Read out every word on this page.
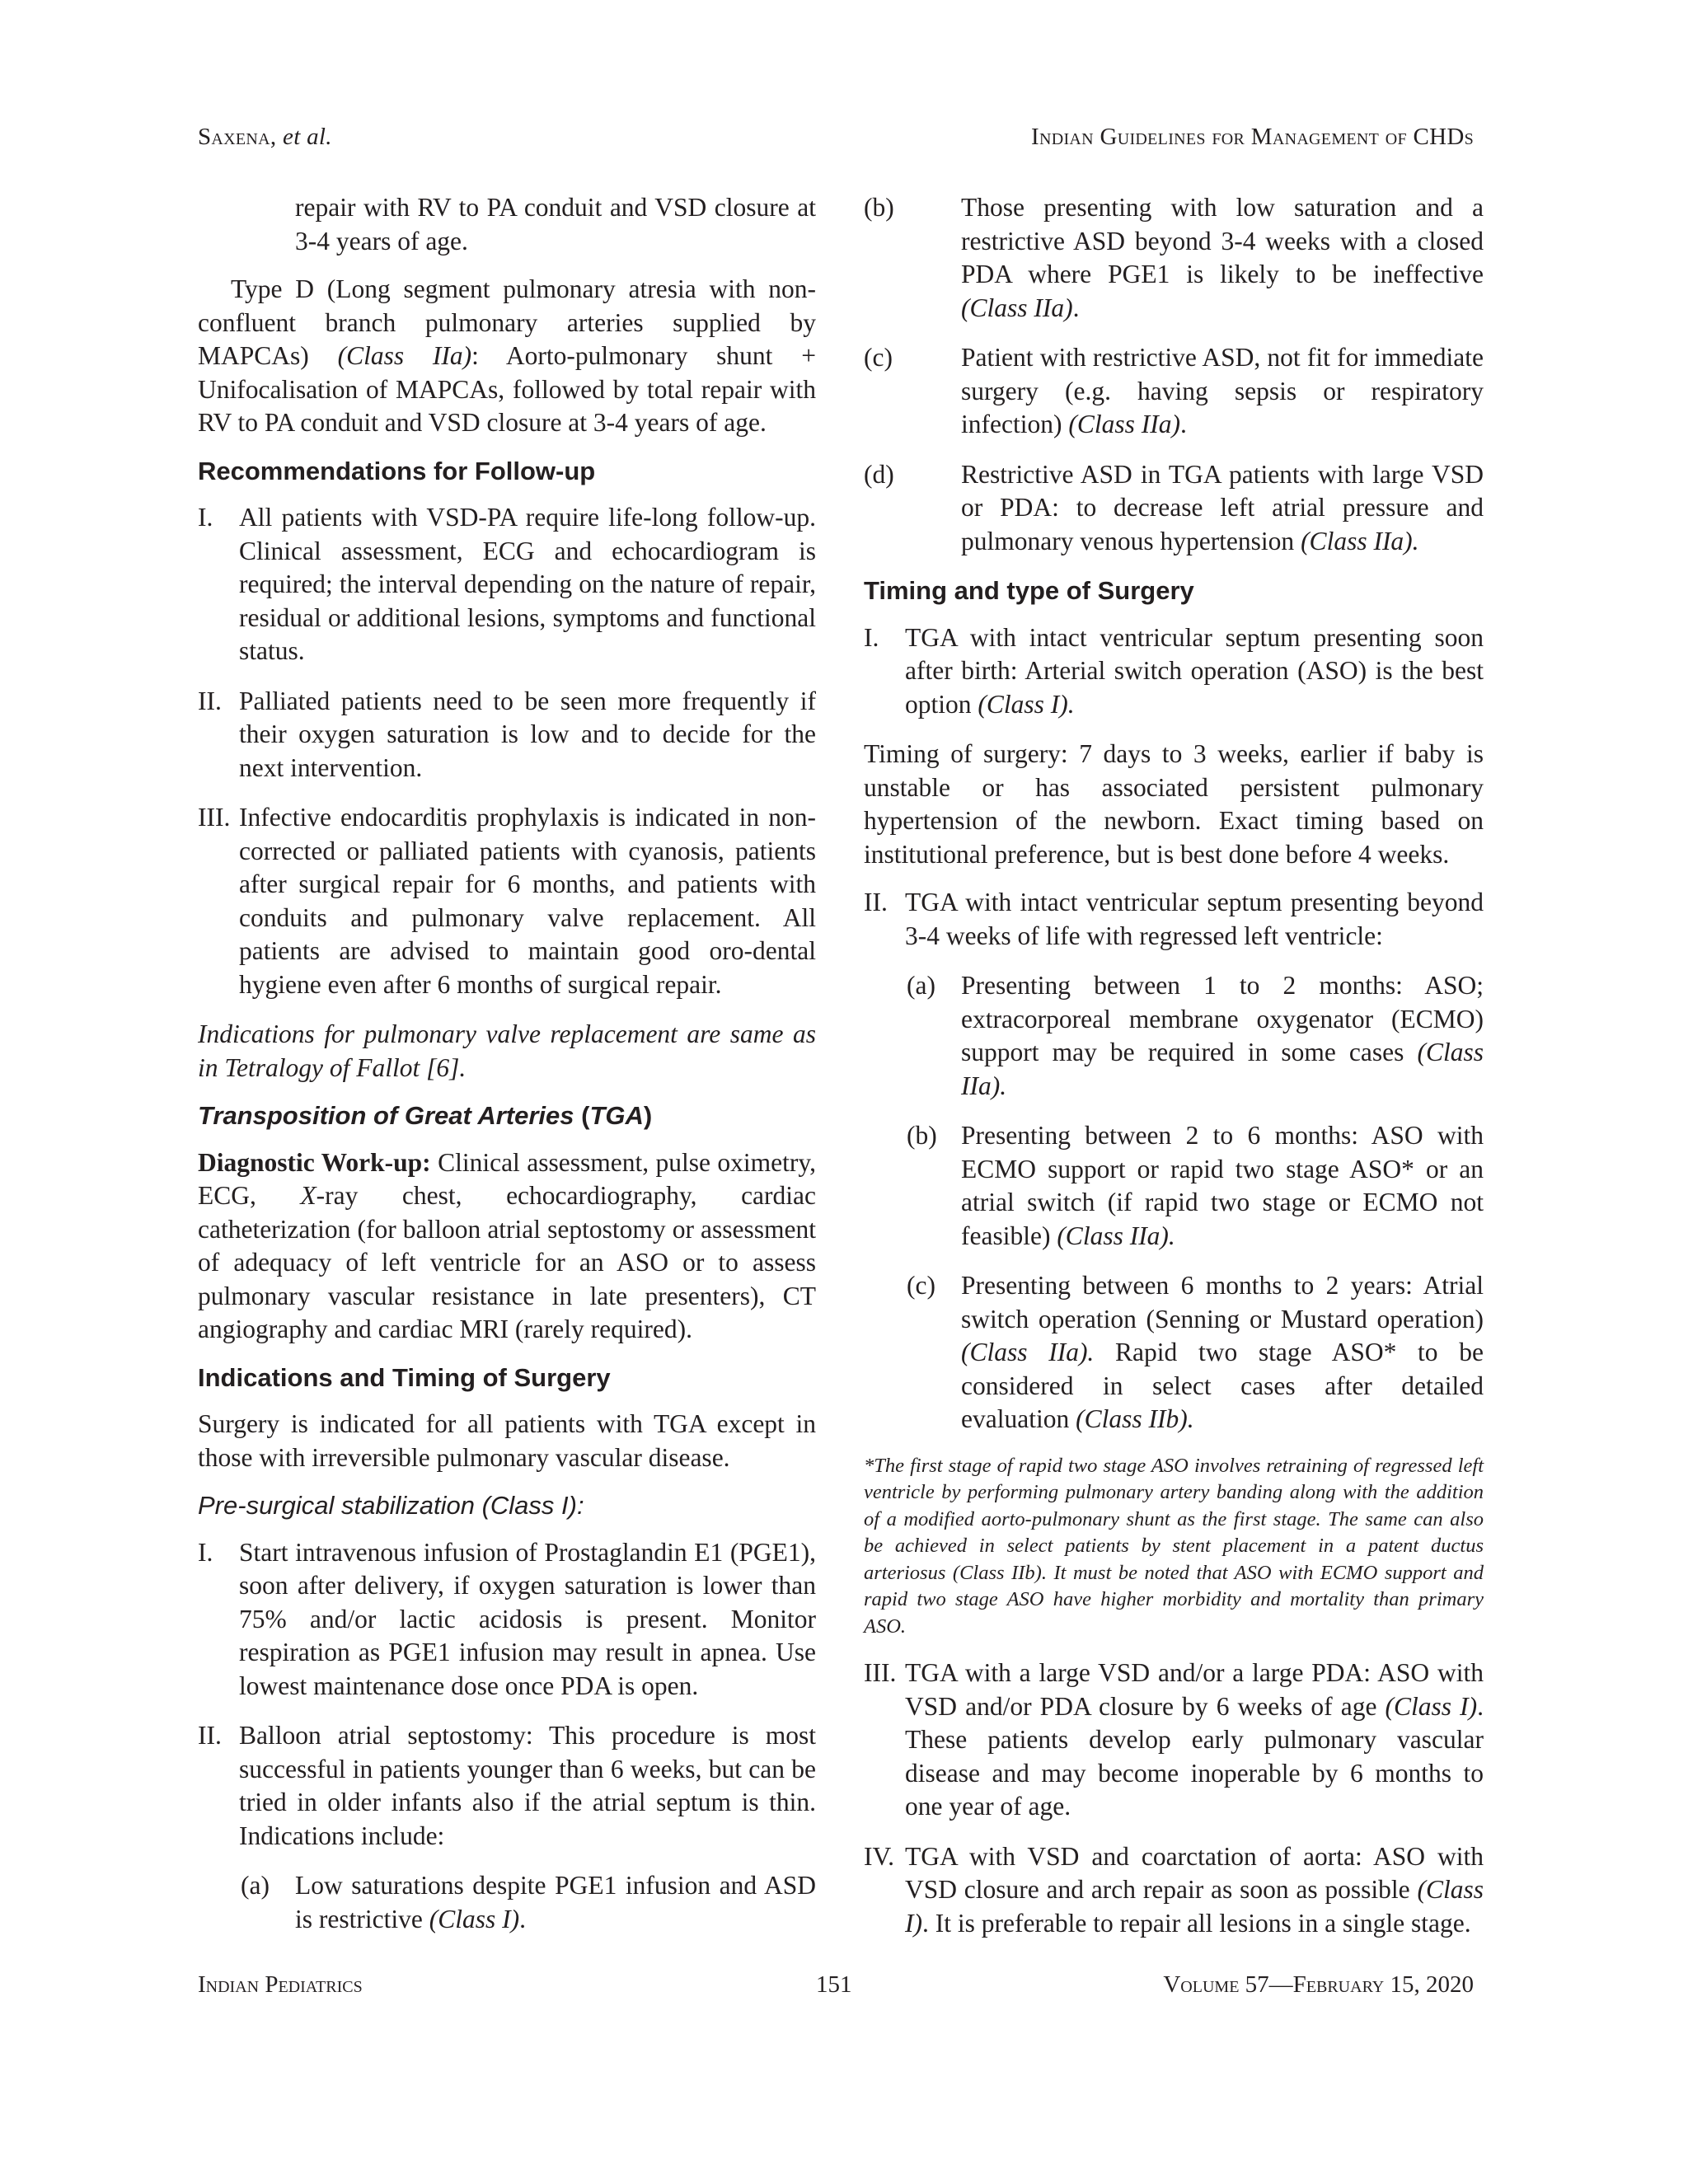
Saxena, et al.	Indian Guidelines for Management of CHDs

repair with RV to PA conduit and VSD closure at 3-4 years of age.

Type D (Long segment pulmonary atresia with non-confluent branch pulmonary arteries supplied by MAPCAs) (Class IIa): Aorto-pulmonary shunt + Unifocalisation of MAPCAs, followed by total repair with RV to PA conduit and VSD closure at 3-4 years of age.

Recommendations for Follow-up
I.	All patients with VSD-PA require life-long follow-up. Clinical assessment, ECG and echocardiogram is required; the interval depending on the nature of repair, residual or additional lesions, symptoms and functional status.
II. Palliated patients need to be seen more frequently if their oxygen saturation is low and to decide for the next intervention.
III. Infective endocarditis prophylaxis is indicated in non-corrected or palliated patients with cyanosis, patients after surgical repair for 6 months, and patients with conduits and pulmonary valve replacement. All patients are advised to maintain good oro-dental hygiene even after 6 months of surgical repair.

Indications for pulmonary valve replacement are same as in Tetralogy of Fallot [6].

Transposition of Great Arteries (TGA)

Diagnostic Work-up: Clinical assessment, pulse oximetry, ECG, X-ray chest, echocardiography, cardiac catheterization (for balloon atrial septostomy or assessment of adequacy of left ventricle for an ASO or to assess pulmonary vascular resistance in late presenters), CT angiography and cardiac MRI (rarely required).

Indications and Timing of Surgery

Surgery is indicated for all patients with TGA except in those with irreversible pulmonary vascular disease.

Pre-surgical stabilization (Class I):
I.	Start intravenous infusion of Prostaglandin E1 (PGE1), soon after delivery, if oxygen saturation is lower than 75% and/or lactic acidosis is present. Monitor respiration as PGE1 infusion may result in apnea. Use lowest maintenance dose once PDA is open.
II. Balloon atrial septostomy: This procedure is most successful in patients younger than 6 weeks, but can be tried in older infants also if the atrial septum is thin. Indications include:
(a) Low saturations despite PGE1 infusion and ASD is restrictive (Class I).
(b)	Those presenting with low saturation and a restrictive ASD beyond 3-4 weeks with a closed PDA where PGE1 is likely to be ineffective (Class IIa).
(c)	Patient with restrictive ASD, not fit for immediate surgery (e.g. having sepsis or respiratory infection) (Class IIa).
(d)	Restrictive ASD in TGA patients with large VSD or PDA: to decrease left atrial pressure and pulmonary venous hypertension (Class IIa).
Timing and type of Surgery
I.	TGA with intact ventricular septum presenting soon after birth: Arterial switch operation (ASO) is the best option (Class I).

Timing of surgery: 7 days to 3 weeks, earlier if baby is unstable or has associated persistent pulmonary hypertension of the newborn. Exact timing based on institutional preference, but is best done before 4 weeks.

II. TGA with intact ventricular septum presenting beyond 3-4 weeks of life with regressed left ventricle:
(a) Presenting between 1 to 2 months: ASO; extracorporeal membrane oxygenator (ECMO) support may be required in some cases (Class IIa).
(b) Presenting between 2 to 6 months: ASO with ECMO support or rapid two stage ASO* or an atrial switch (if rapid two stage or ECMO not feasible) (Class IIa).
(c) Presenting between 6 months to 2 years: Atrial switch operation (Senning or Mustard operation) (Class IIa). Rapid two stage ASO* to be considered in select cases after detailed evaluation (Class IIb).

*The first stage of rapid two stage ASO involves retraining of regressed left ventricle by performing pulmonary artery banding along with the addition of a modified aorto-pulmonary shunt as the first stage. The same can also be achieved in select patients by stent placement in a patent ductus arteriosus (Class IIb). It must be noted that ASO with ECMO support and rapid two stage ASO have higher morbidity and mortality than primary ASO.

III. TGA with a large VSD and/or a large PDA: ASO with VSD and/or PDA closure by 6 weeks of age (Class I). These patients develop early pulmonary vascular disease and may become inoperable by 6 months to one year of age.
IV. TGA with VSD and coarctation of aorta: ASO with VSD closure and arch repair as soon as possible (Class I). It is preferable to repair all lesions in a single stage.
Indian Pediatrics	151	Volume 57—February 15, 2020
